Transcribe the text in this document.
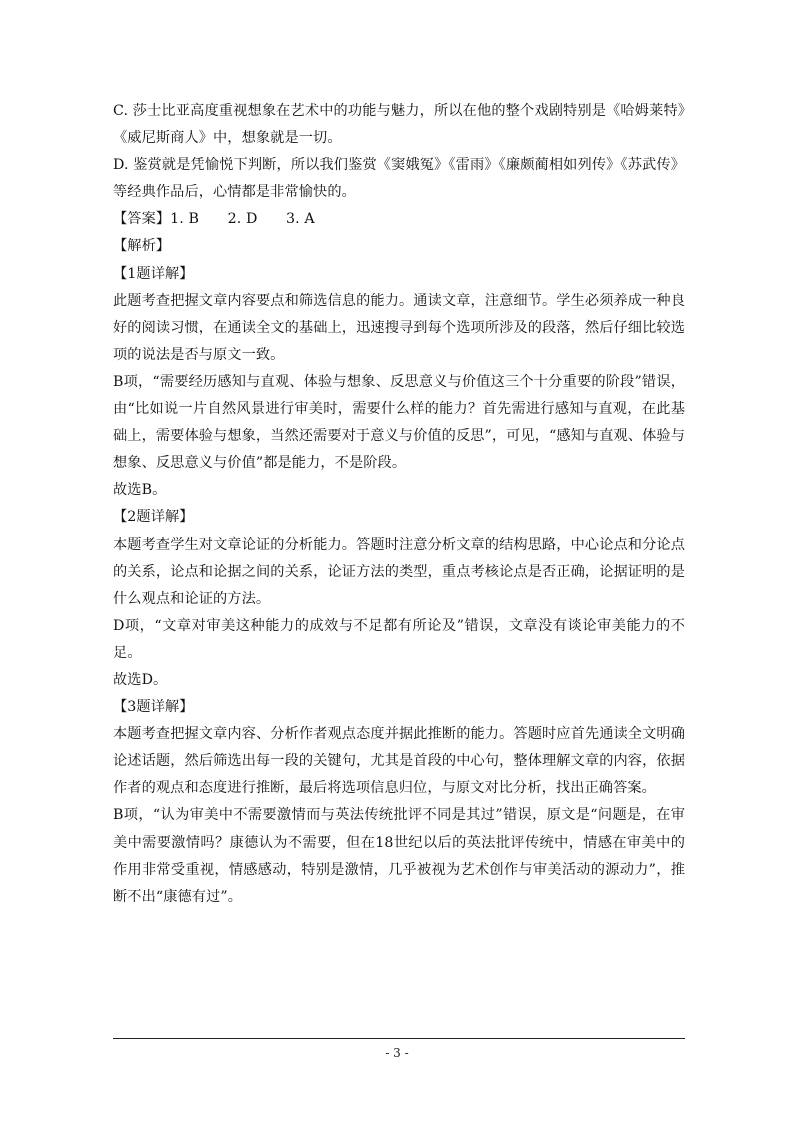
C. 莎士比亚高度重视想象在艺术中的功能与魅力，所以在他的整个戏剧特别是《哈姆莱特》《威尼斯商人》中，想象就是一切。

D. 鉴赏就是凭愉悦下判断，所以我们鉴赏《窦娥冤》《雷雨》《廉颇蔺相如列传》《苏武传》等经典作品后，心情都是非常愉快的。

【答案】1. B　　2. D　　3. A

【解析】

【1题详解】

此题考查把握文章内容要点和筛选信息的能力。通读文章，注意细节。学生必须养成一种良好的阅读习惯，在通读全文的基础上，迅速搜寻到每个选项所涉及的段落，然后仔细比较选项的说法是否与原文一致。

B项，“需要经历感知与直观、体验与想象、反思意义与价值这三个十分重要的阶段”错误，由“比如说一片自然风景进行审美时，需要什么样的能力？首先需进行感知与直观，在此基础上，需要体验与想象，当然还需要对于意义与价值的反思”，可见，“感知与直观、体验与想象、反思意义与价值”都是能力，不是阶段。

故选B。

【2题详解】

本题考查学生对文章论证的分析能力。答题时注意分析文章的结构思路，中心论点和分论点的关系，论点和论据之间的关系，论证方法的类型，重点考核论点是否正确，论据证明的是什么观点和论证的方法。

D项，“文章对审美这种能力的成效与不足都有所论及”错误，文章没有谈论审美能力的不足。

故选D。

【3题详解】

本题考查把握文章内容、分析作者观点态度并据此推断的能力。答题时应首先通读全文明确论述话题，然后筛选出每一段的关键句，尤其是首段的中心句，整体理解文章的内容，依据作者的观点和态度进行推断，最后将选项信息归位，与原文对比分析，找出正确答案。

B项，“认为审美中不需要激情而与英法传统批评不同是其过”错误，原文是“问题是，在审美中需要激情吗？康德认为不需要，但在18世纪以后的英法批评传统中，情感在审美中的作用非常受重视，情感感动，特别是激情，几乎被视为艺术创作与审美活动的源动力”，推断不出“康德有过”。

- 3 -
